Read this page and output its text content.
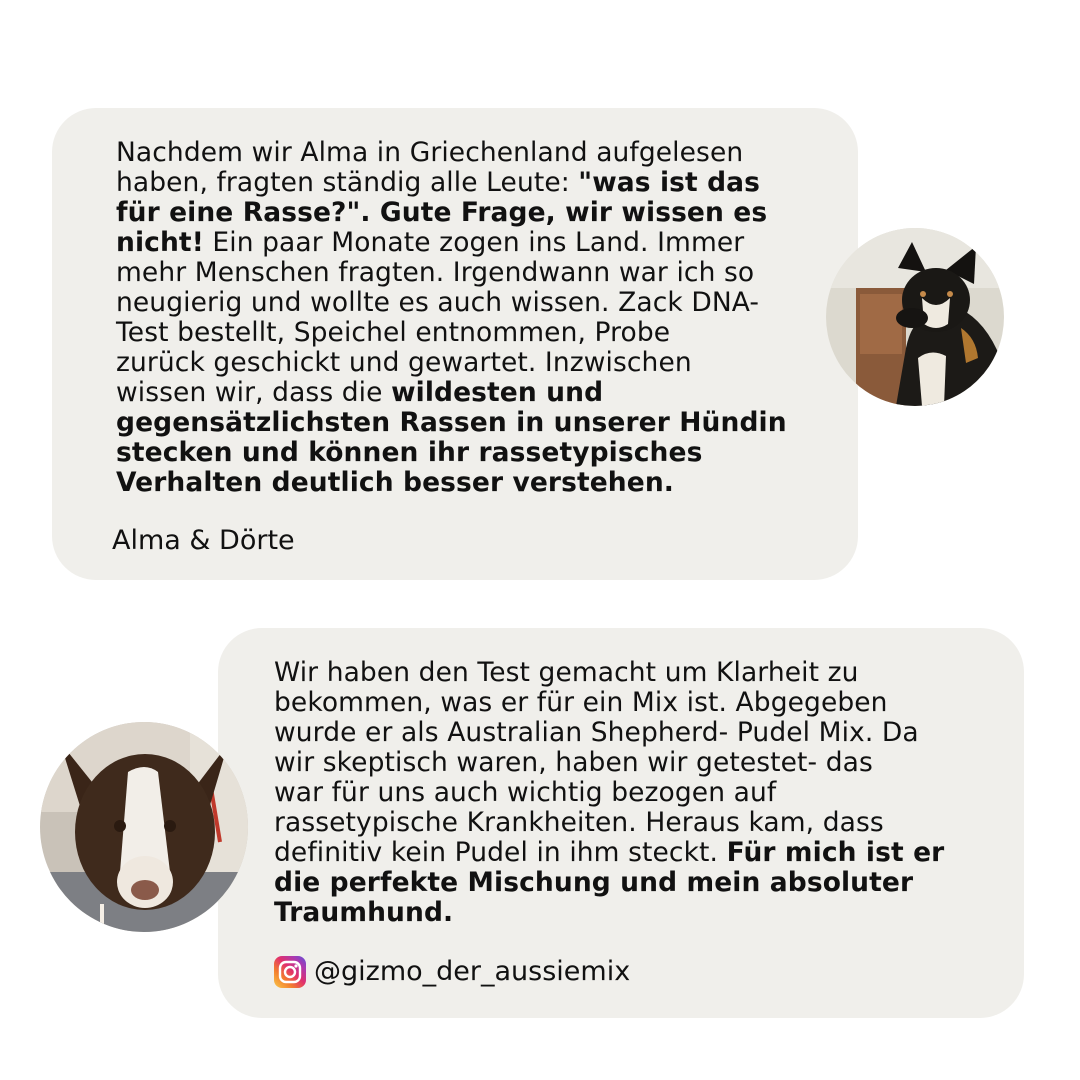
Nachdem wir Alma in Griechenland aufgelesen
haben, fragten ständig alle Leute: "was ist das
für eine Rasse?". Gute Frage, wir wissen es
nicht! Ein paar Monate zogen ins Land. Immer
mehr Menschen fragten. Irgendwann war ich so
neugierig und wollte es auch wissen. Zack DNA-
Test bestellt, Speichel entnommen, Probe
zurück geschickt und gewartet. Inzwischen
wissen wir, dass die wildesten und
gegensätzlichsten Rassen in unserer Hündin
stecken und können ihr rassetypisches
Verhalten deutlich besser verstehen.

Alma & Dörte

Wir haben den Test gemacht um Klarheit zu
bekommen, was er für ein Mix ist. Abgegeben
wurde er als Australian Shepherd- Pudel Mix. Da
wir skeptisch waren, haben wir getestet- das
war für uns auch wichtig bezogen auf
rassetypische Krankheiten. Heraus kam, dass
definitiv kein Pudel in ihm steckt. Für mich ist er
die perfekte Mischung und mein absoluter
Traumhund.

@gizmo_der_aussiemix
